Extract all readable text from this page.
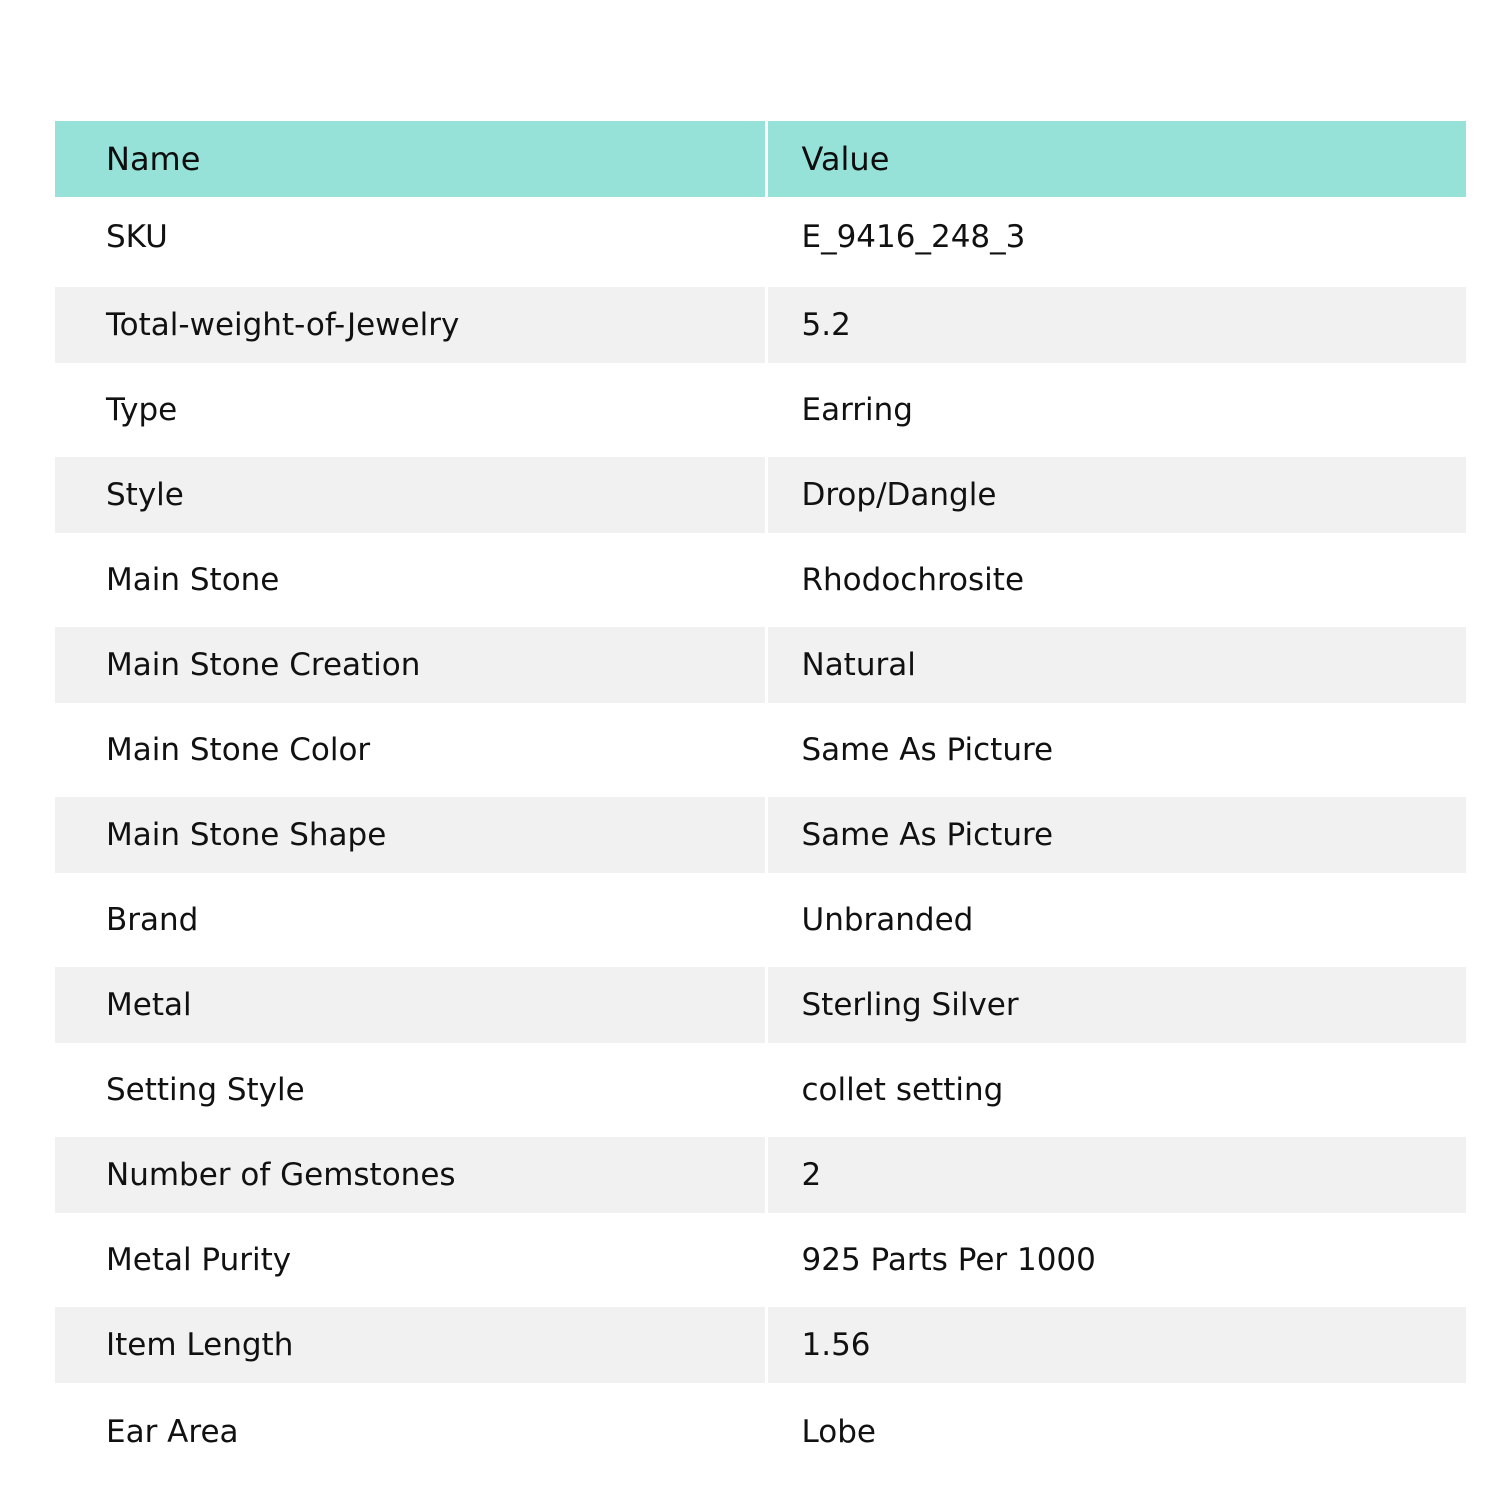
Name	Value
SKU	E_9416_248_3
Total-weight-of-Jewelry	5.2
Type	Earring
Style	Drop/Dangle
Main Stone	Rhodochrosite
Main Stone Creation	Natural
Main Stone Color	Same As Picture
Main Stone Shape	Same As Picture
Brand	Unbranded
Metal	Sterling Silver
Setting Style	collet setting
Number of Gemstones	2
Metal Purity	925 Parts Per 1000
Item Length	1.56
Ear Area	Lobe
